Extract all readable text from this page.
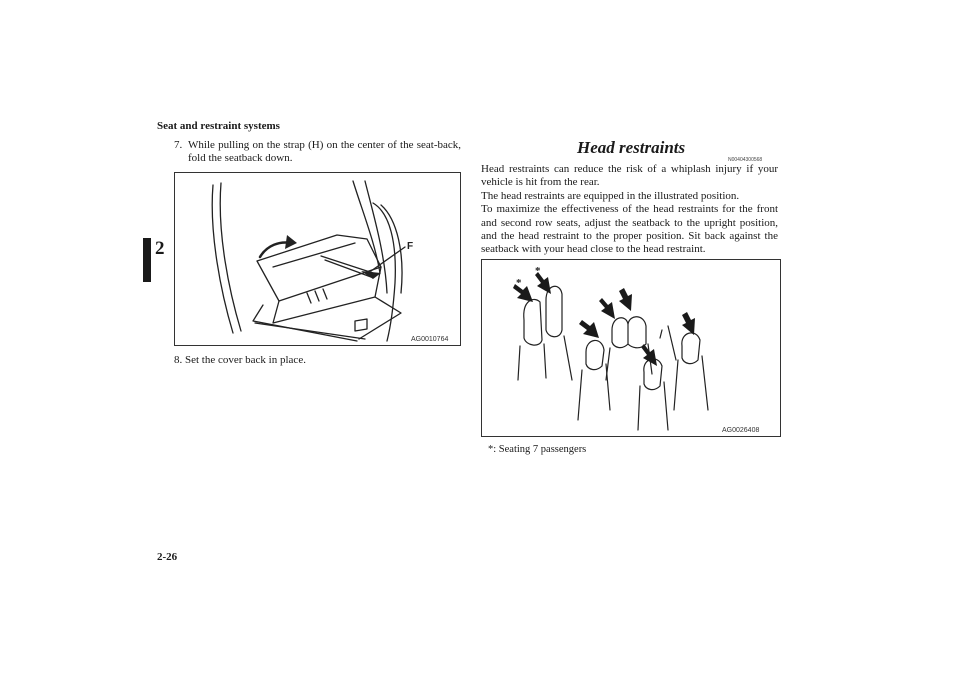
Seat and restraint systems
2
7. While pulling on the strap (H) on the center of the seat-back, fold the seatback down.
F
AG0010764
8. Set the cover back in place.
Head restraints
N00404300568

Head restraints can reduce the risk of a whiplash injury if your vehicle is hit from the rear.

The head restraints are equipped in the illustrated position.

To maximize the effectiveness of the head restraints for the front and second row seats, adjust the seatback to the upright position, and the head restraint to the proper position. Sit back against the seatback with your head close to the head restraint.

*
*
AG0026408
*: Seating 7 passengers
2-26
